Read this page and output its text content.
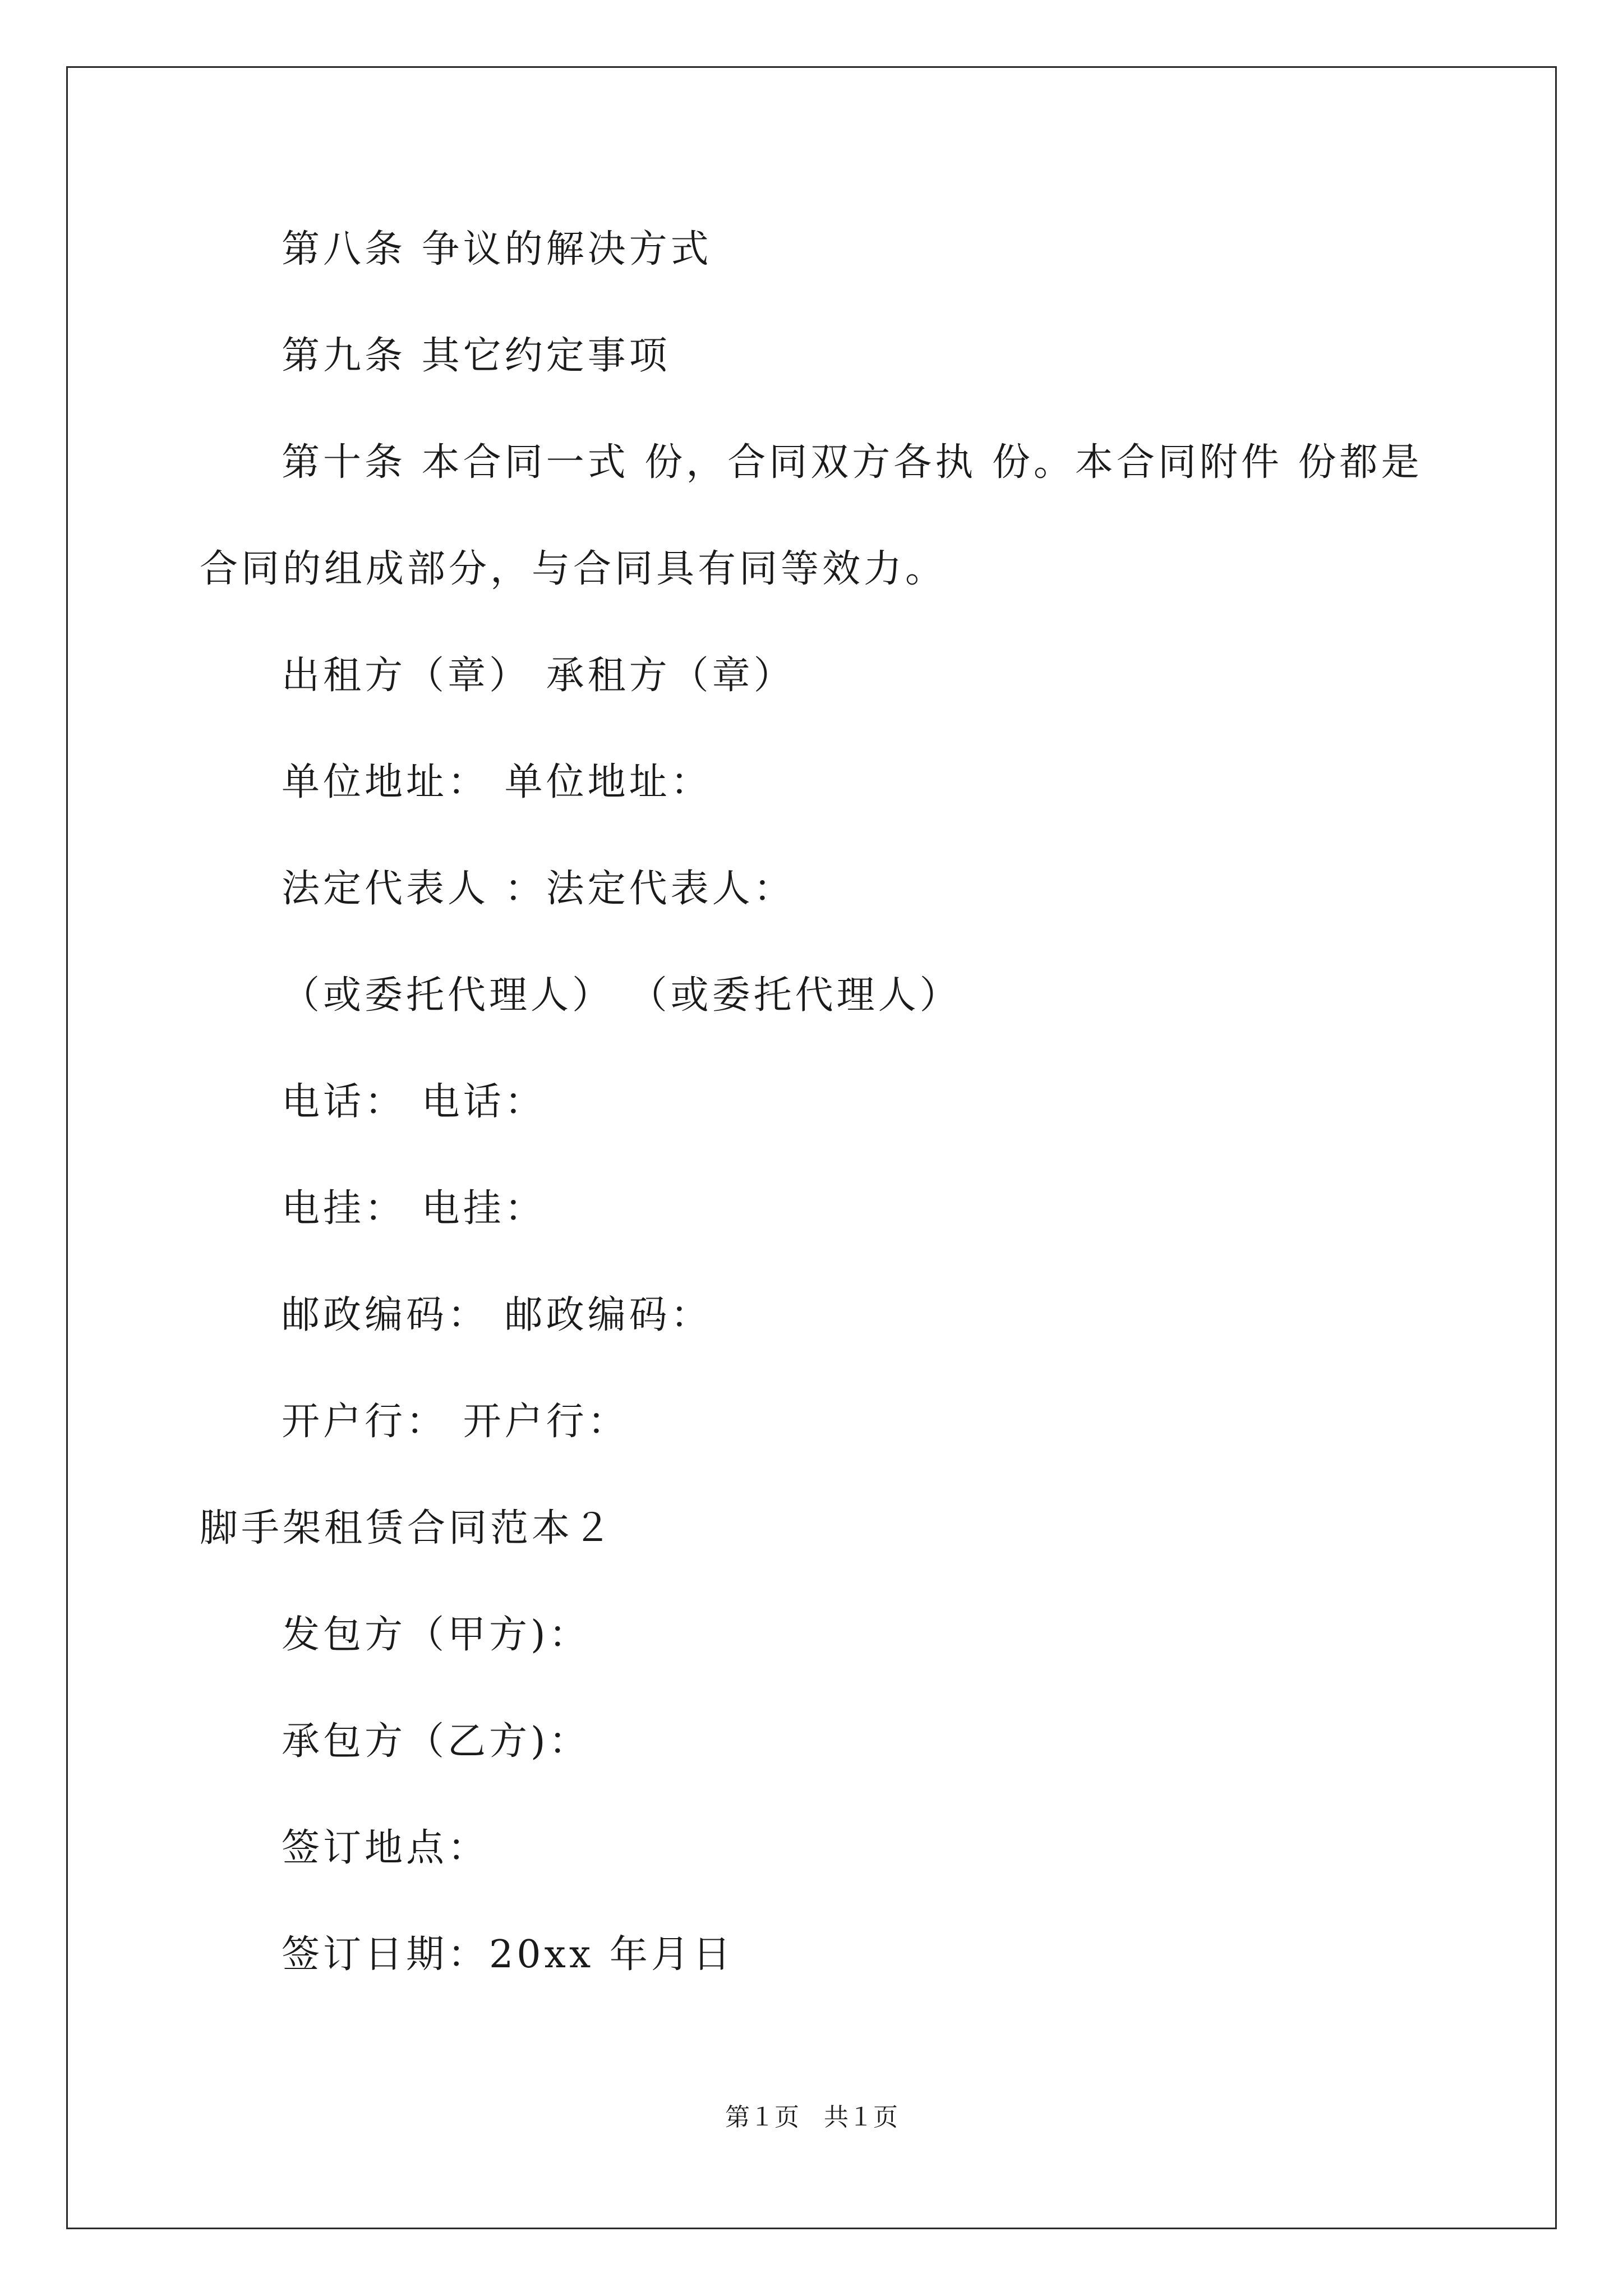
第八条 争议的解决方式
第九条 其它约定事项
第十条 本合同一式 份，合同双方各执 份。本合同附件 份都是
合同的组成部分，与合同具有同等效力。
出租方（章） 承租方（章）
单位地址： 单位地址：
法定代表人 ：法定代表人：
（或委托代理人） （或委托代理人）
电话： 电话：
电挂： 电挂：
邮政编码： 邮政编码：
开户行： 开户行：
脚手架租赁合同范本２
发包方（甲方)：
承包方（乙方)：
签订地点：
签订日期：20xx 年月日
第１页　共１页
